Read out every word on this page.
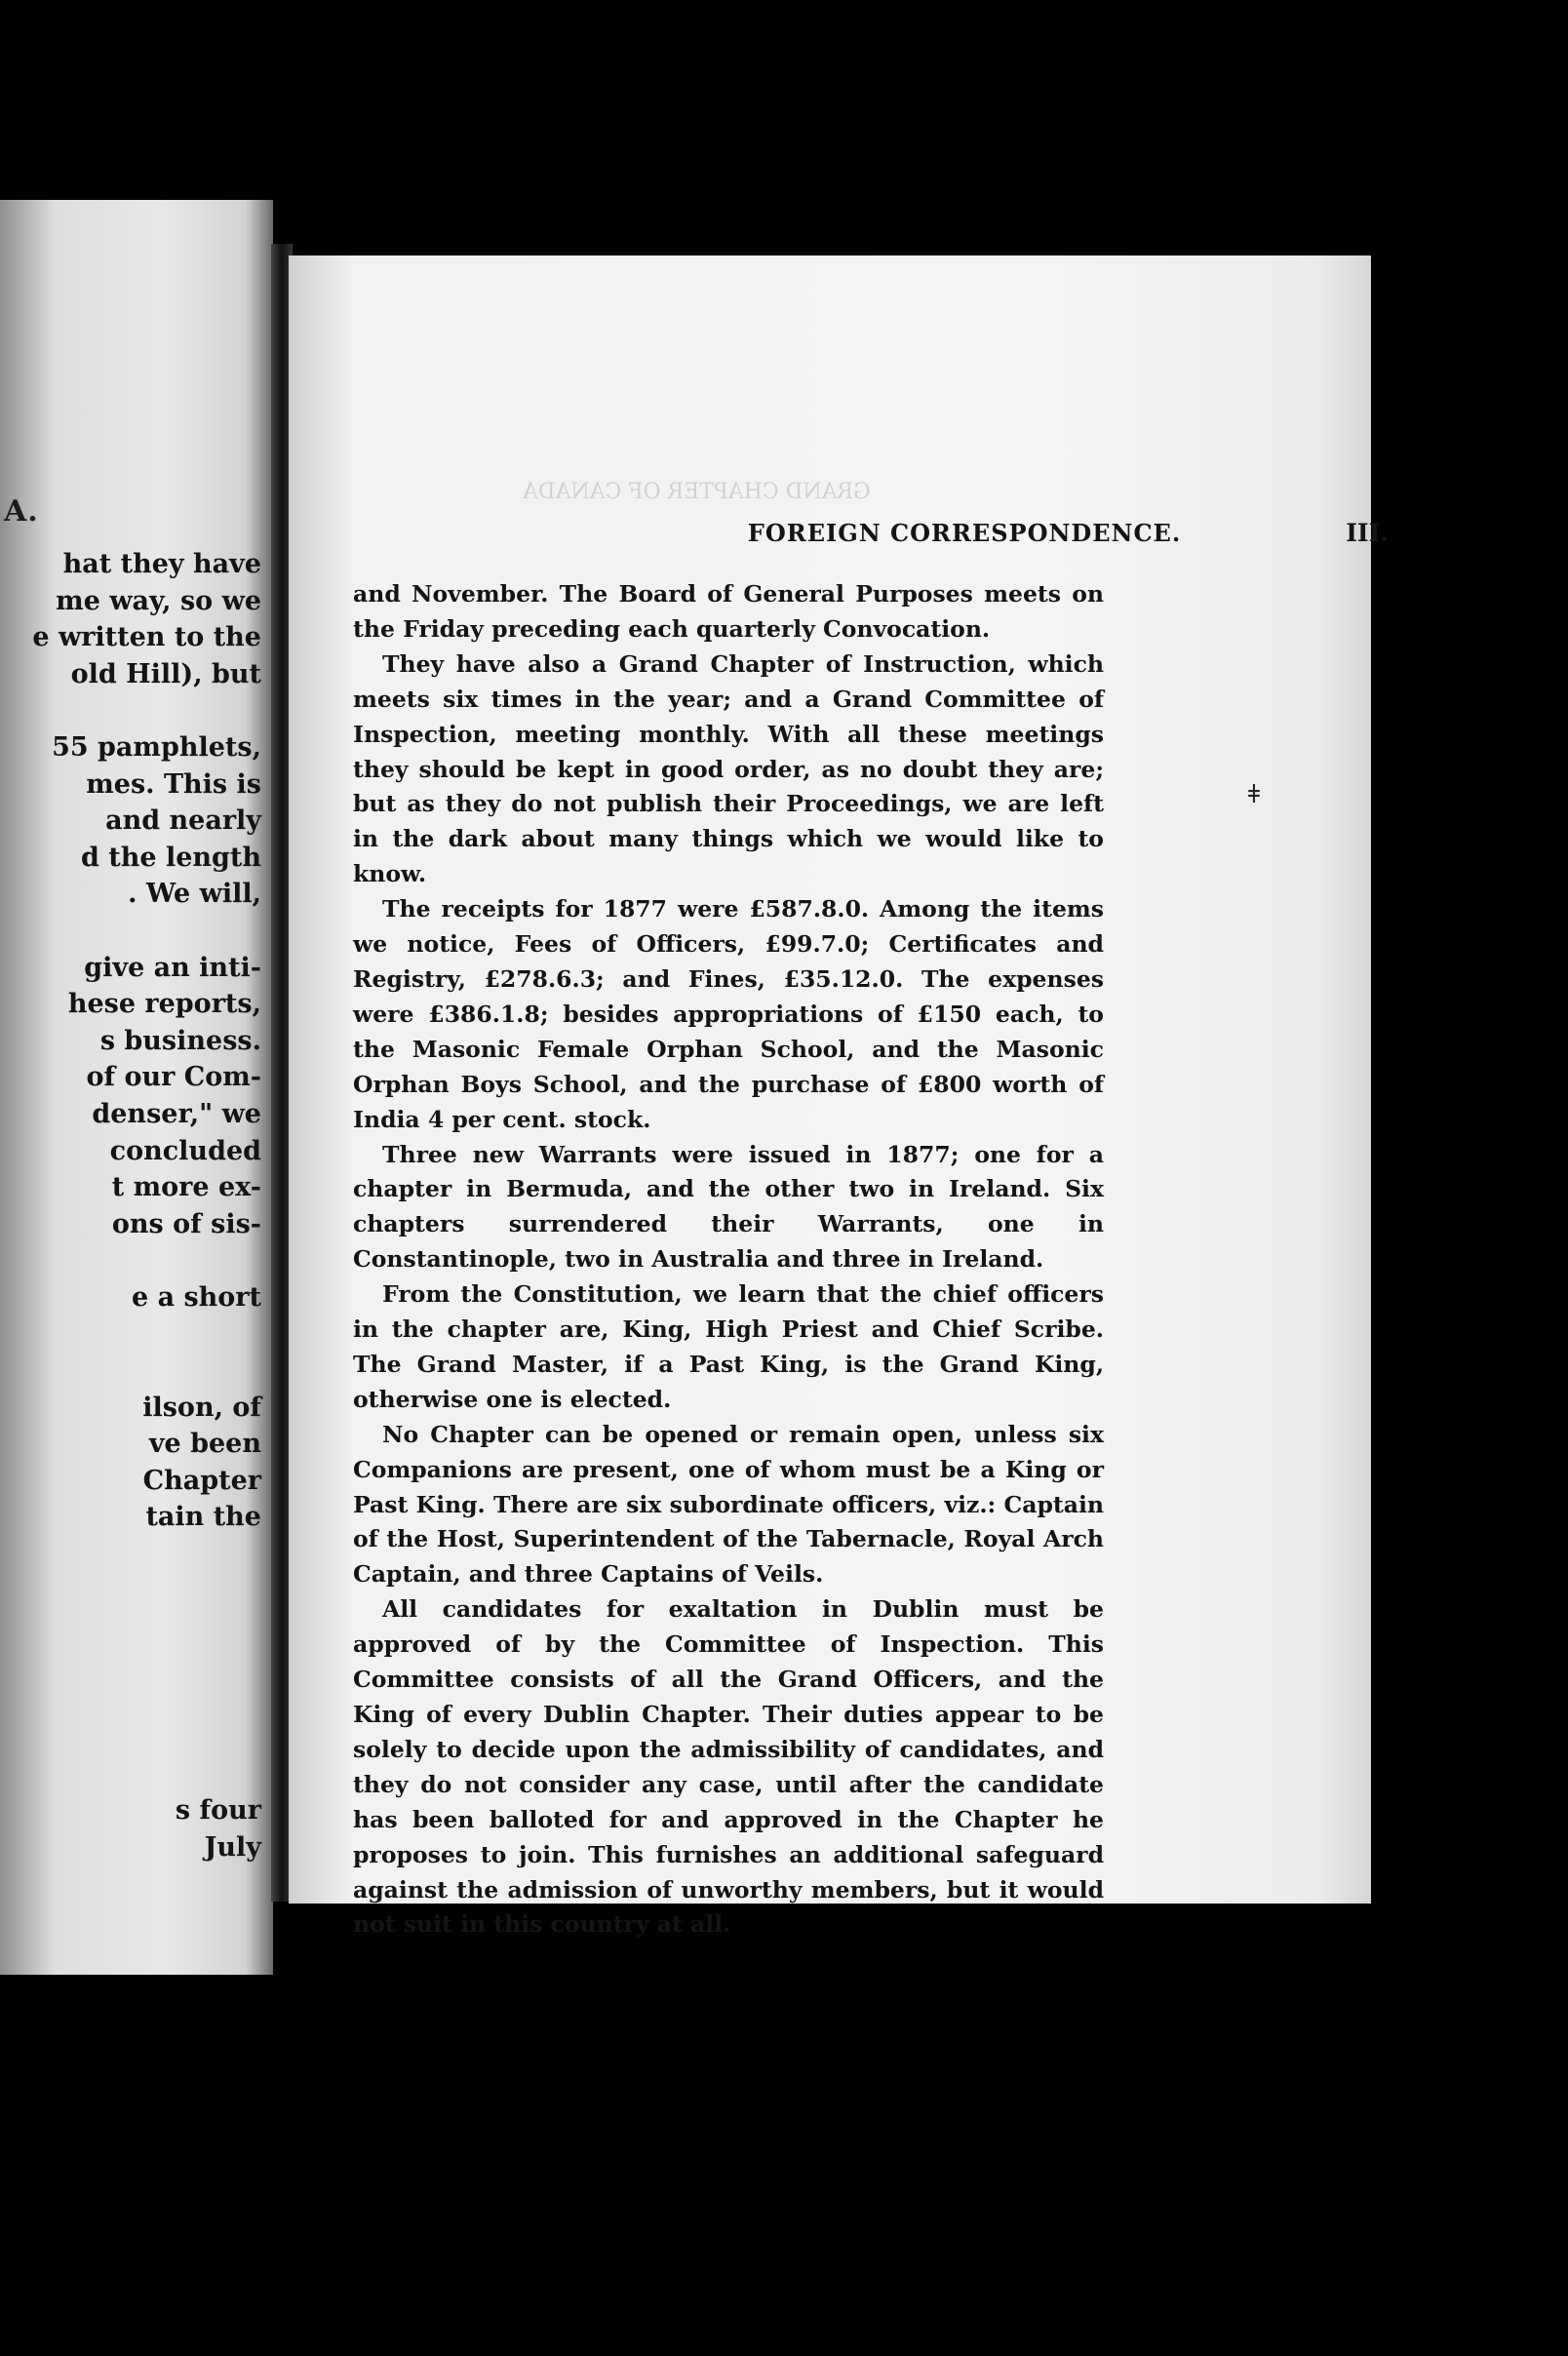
A.
hat they have
me way, so we
e written to the
old Hill), but
55 pamphlets,
mes. This is
and nearly
d the length
. We will,
give an inti-
hese reports,
s business.
of our Com-
denser," we
concluded
t more ex-
ons of sis-
e a short
ilson, of
ve been
Chapter
tain the
s four
July
GRAND CHAPTER OF CANADA
FOREIGN CORRESPONDENCE.	III.

and November. The Board of General Purposes meets on the Friday preceding each quarterly Convocation.

They have also a Grand Chapter of Instruction, which meets six times in the year; and a Grand Committee of Inspection, meeting monthly. With all these meetings they should be kept in good order, as no doubt they are; but as they do not publish their Proceedings, we are left in the dark about many things which we would like to know.

The receipts for 1877 were £587.8.0. Among the items we notice, Fees of Officers, £99.7.0; Certificates and Registry, £278.6.3; and Fines, £35.12.0. The expenses were £386.1.8; besides appropriations of £150 each, to the Masonic Female Orphan School, and the Masonic Orphan Boys School, and the purchase of £800 worth of India 4 per cent. stock.

Three new Warrants were issued in 1877; one for a chapter in Bermuda, and the other two in Ireland. Six chapters surrendered their Warrants, one in Constantinople, two in Australia and three in Ireland.

From the Constitution, we learn that the chief officers in the chapter are, King, High Priest and Chief Scribe. The Grand Master, if a Past King, is the Grand King, otherwise one is elected.

No Chapter can be opened or remain open, unless six Companions are present, one of whom must be a King or Past King. There are six subordinate officers, viz.: Captain of the Host, Superintendent of the Tabernacle, Royal Arch Captain, and three Captains of Veils.

All candidates for exaltation in Dublin must be approved of by the Committee of Inspection. This Committee consists of all the Grand Officers, and the King of every Dublin Chapter. Their duties appear to be solely to decide upon the admissibility of candidates, and they do not consider any case, until after the candidate has been balloted for and approved in the Chapter he proposes to join. This furnishes an additional safeguard against the admission of unworthy members, but it would not suit in this country at all.

ǂ
